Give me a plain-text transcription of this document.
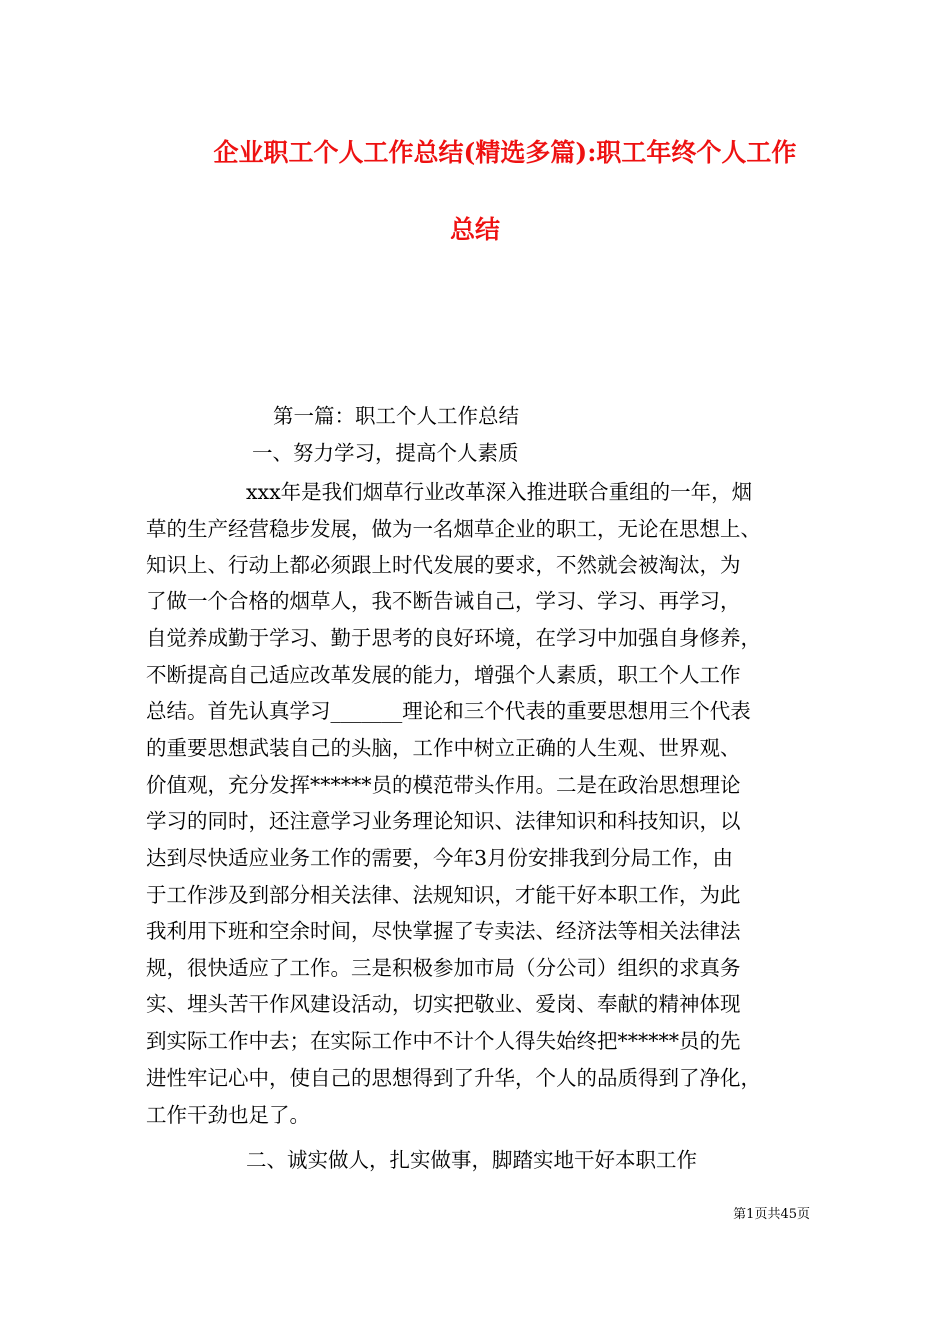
企业职工个人工作总结(精选多篇):职工年终个人工作
总结
第一篇：职工个人工作总结
一、努力学习，提高个人素质
xxx年是我们烟草行业改革深入推进联合重组的一年，烟
草的生产经营稳步发展，做为一名烟草企业的职工，无论在思想上、
知识上、行动上都必须跟上时代发展的要求，不然就会被淘汰，为
了做一个合格的烟草人，我不断告诫自己，学习、学习、再学习，
自觉养成勤于学习、勤于思考的良好环境，在学习中加强自身修养，
不断提高自己适应改革发展的能力，增强个人素质，职工个人工作
总结。首先认真学习_______理论和三个代表的重要思想用三个代表
的重要思想武装自己的头脑，工作中树立正确的人生观、世界观、
价值观，充分发挥******员的模范带头作用。二是在政治思想理论
学习的同时，还注意学习业务理论知识、法律知识和科技知识，以
达到尽快适应业务工作的需要，今年3月份安排我到分局工作，由
于工作涉及到部分相关法律、法规知识，才能干好本职工作，为此
我利用下班和空余时间，尽快掌握了专卖法、经济法等相关法律法
规，很快适应了工作。三是积极参加市局（分公司）组织的求真务
实、埋头苦干作风建设活动，切实把敬业、爱岗、奉献的精神体现
到实际工作中去；在实际工作中不计个人得失始终把******员的先
进性牢记心中，使自己的思想得到了升华，个人的品质得到了净化，
工作干劲也足了。
二、诚实做人，扎实做事，脚踏实地干好本职工作
第1页共45页
